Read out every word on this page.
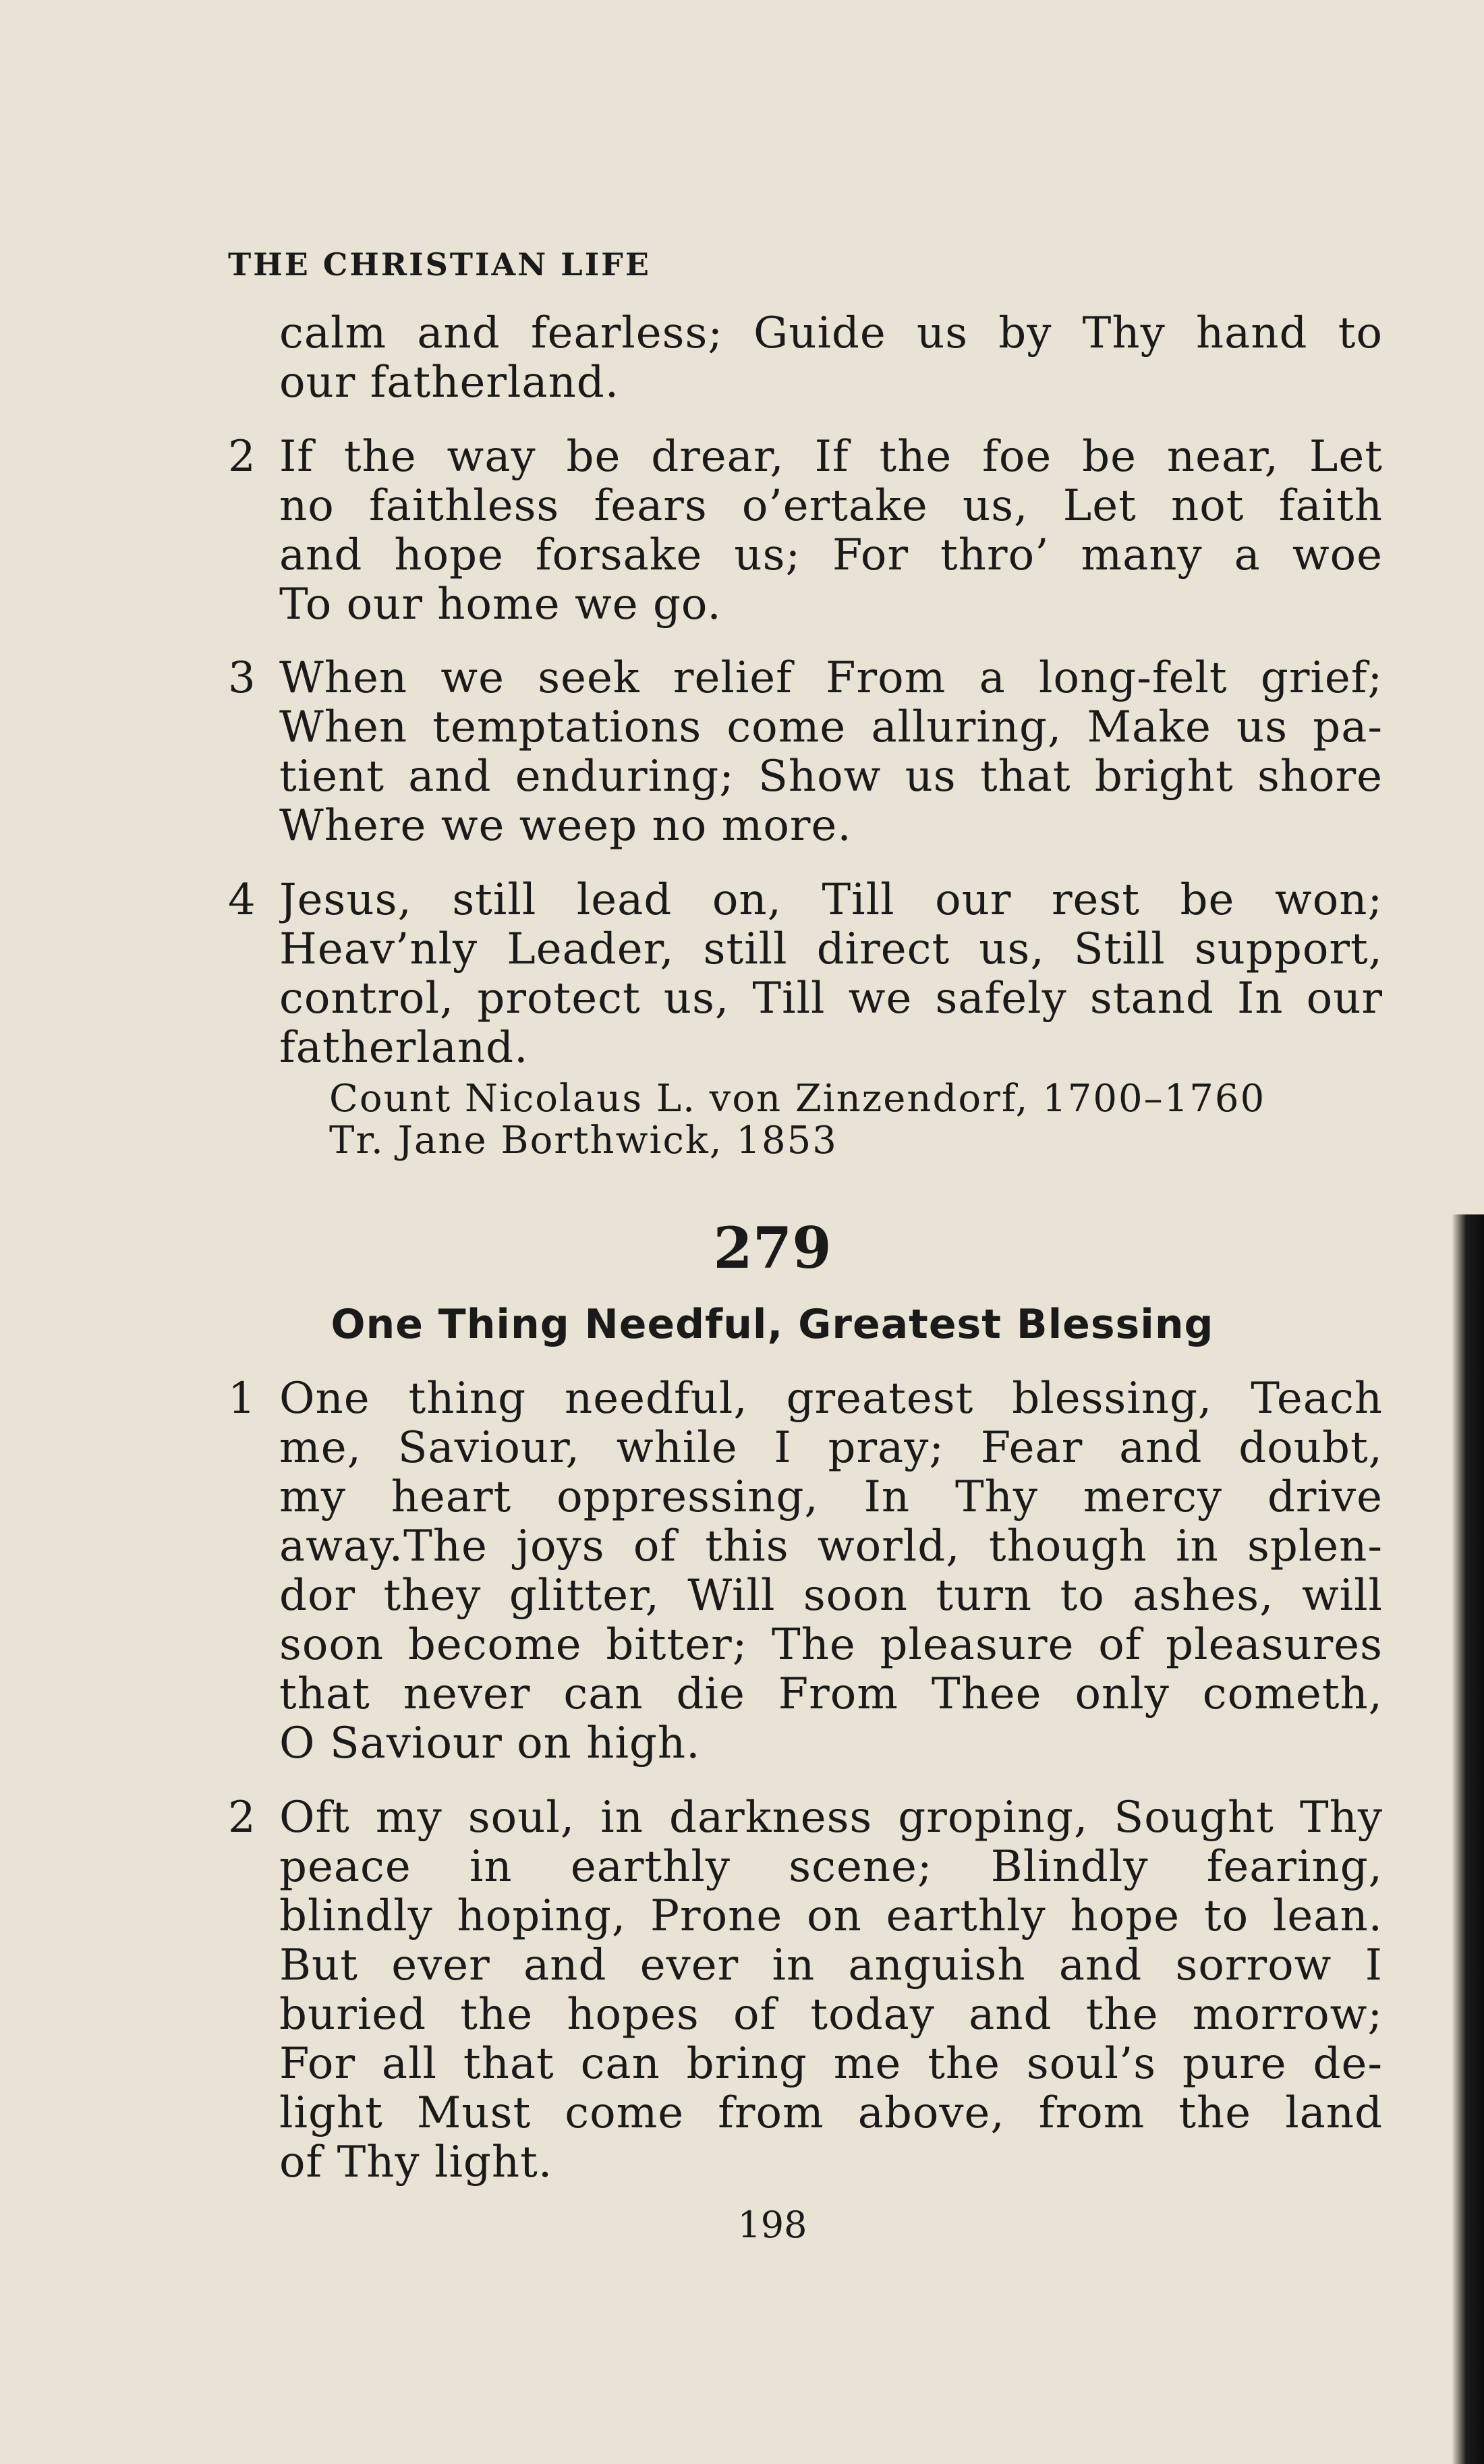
THE CHRISTIAN LIFE
calm and fearless; Guide us by Thy hand to
our fatherland.
2 If the way be drear, If the foe be near, Let
no faithless fears o’ertake us, Let not faith
and hope forsake us; For thro’ many a woe
To our home we go.
3 When we seek relief From a long-felt grief;
When temptations come alluring, Make us pa-
tient and enduring; Show us that bright shore
Where we weep no more.
4 Jesus, still lead on, Till our rest be won;
Heav’nly Leader, still direct us, Still support,
control, protect us, Till we safely stand In our
fatherland.
Count Nicolaus L. von Zinzendorf, 1700–1760
Tr. Jane Borthwick, 1853
279
One Thing Needful, Greatest Blessing
1 One thing needful, greatest blessing, Teach
me, Saviour, while I pray; Fear and doubt,
my heart oppressing, In Thy mercy drive
away.The joys of this world, though in splen-
dor they glitter, Will soon turn to ashes, will
soon become bitter; The pleasure of pleasures
that never can die From Thee only cometh,
O Saviour on high.
2 Oft my soul, in darkness groping, Sought Thy
peace in earthly scene; Blindly fearing,
blindly hoping, Prone on earthly hope to lean.
But ever and ever in anguish and sorrow I
buried the hopes of today and the morrow;
For all that can bring me the soul’s pure de-
light Must come from above, from the land
of Thy light.
198
